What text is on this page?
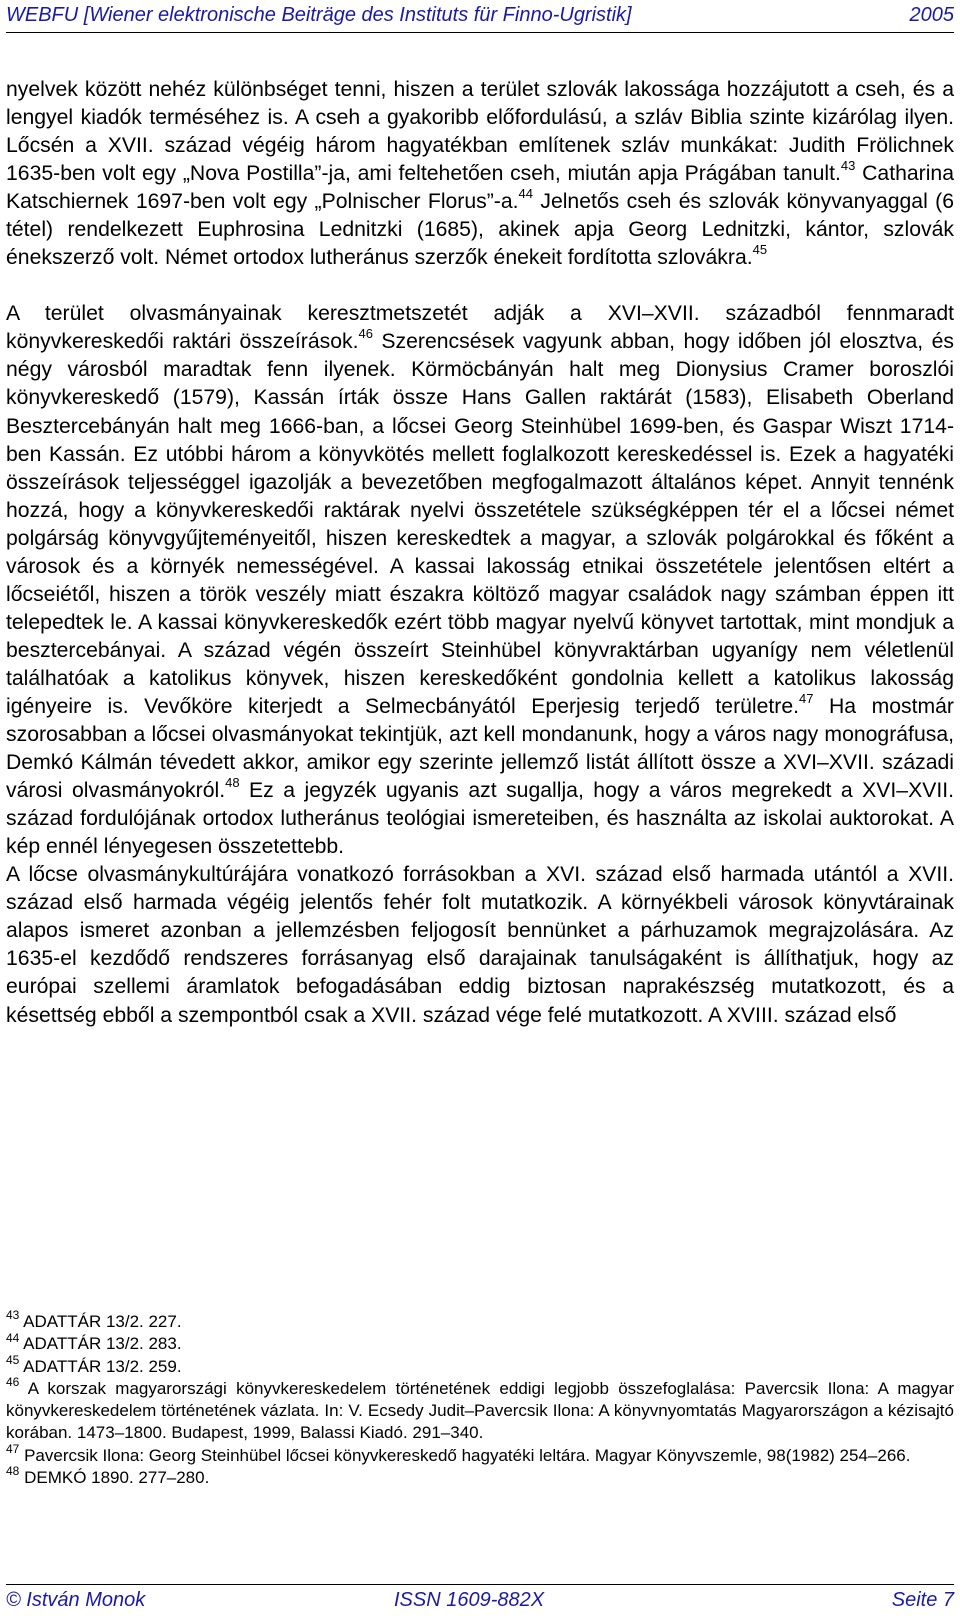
WEBFU [Wiener elektronische Beiträge des Instituts für Finno-Ugristik]	2005

nyelvek között nehéz különbséget tenni, hiszen a terület szlovák lakossága hozzájutott a cseh, és a lengyel kiadók terméséhez is. A cseh a gyakoribb előfordulású, a szláv Biblia szinte kizárólag ilyen. Lőcsén a XVII. század végéig három hagyatékban említenek szláv munkákat: Judith Frölichnek 1635-ben volt egy „Nova Postilla”-ja, ami feltehetően cseh, miután apja Prágában tanult.$^{43}$ Catharina Katschiernek 1697-ben volt egy „Polnischer Florus”-a.$^{44}$ Jelnetős cseh és szlovák könyvanyaggal (6 tétel) rendelkezett Euphrosina Lednitzki (1685), akinek apja Georg Lednitzki, kántor, szlovák énekszerző volt. Német ortodox lutheránus szerzők énekeit fordította szlovákra.$^{45}$

A terület olvasmányainak keresztmetszetét adják a XVI–XVII. századból fennmaradt könyvkereskedői raktári összeírások.$^{46}$ Szerencsések vagyunk abban, hogy időben jól elosztva, és négy városból maradtak fenn ilyenek. Körmöcbányán halt meg Dionysius Cramer boroszlói könyvkereskedő (1579), Kassán írták össze Hans Gallen raktárát (1583), Elisabeth Oberland Besztercebányán halt meg 1666-ban, a lőcsei Georg Steinhübel 1699-ben, és Gaspar Wiszt 1714-ben Kassán. Ez utóbbi három a könyvkötés mellett foglalkozott kereskedéssel is. Ezek a hagyatéki összeírások teljességgel igazolják a bevezetőben megfogalmazott általános képet. Annyit tennénk hozzá, hogy a könyvkereskedői raktárak nyelvi összetétele szükségképpen tér el a lőcsei német polgárság könyvgyűjteményeitől, hiszen kereskedtek a magyar, a szlovák polgárokkal és főként a városok és a környék nemességével. A kassai lakosság etnikai összetétele jelentősen eltért a lőcseiétől, hiszen a török veszély miatt északra költöző magyar családok nagy számban éppen itt telepedtek le. A kassai könyvkereskedők ezért több magyar nyelvű könyvet tartottak, mint mondjuk a besztercebányai. A század végén összeírt Steinhübel könyvraktárban ugyanígy nem véletlenül találhatóak a katolikus könyvek, hiszen kereskedőként gondolnia kellett a katolikus lakosság igényeire is. Vevőköre kiterjedt a Selmecbányától Eperjesig terjedő területre.$^{47}$ Ha mostmár szorosabban a lőcsei olvasmányokat tekintjük, azt kell mondanunk, hogy a város nagy monográfusa, Demkó Kálmán tévedett akkor, amikor egy szerinte jellemző listát állított össze a XVI–XVII. századi városi olvasmányokról.$^{48}$ Ez a jegyzék ugyanis azt sugallja, hogy a város megrekedt a XVI–XVII. század fordulójának ortodox lutheránus teológiai ismereteiben, és használta az iskolai auktorokat. A kép ennél lényegesen összetettebb.

A lőcse olvasmánykultúrájára vonatkozó forrásokban a XVI. század első harmada utántól a XVII. század első harmada végéig jelentős fehér folt mutatkozik. A környékbeli városok könyvtárainak alapos ismeret azonban a jellemzésben feljogosít bennünket a párhuzamok megrajzolására. Az 1635-el kezdődő rendszeres forrásanyag első darajainak tanulságaként is állíthatjuk, hogy az európai szellemi áramlatok befogadásában eddig biztosan naprakészség mutatkozott, és a késettség ebből a szempontból csak a XVII. század vége felé mutatkozott. A XVIII. század első

$^{43}$ ADATTÁR 13/2. 227.

$^{44}$ ADATTÁR 13/2. 283.

$^{45}$ ADATTÁR 13/2. 259.

$^{46}$ A korszak magyarországi könyvkereskedelem történetének eddigi legjobb összefoglalása: Pavercsik Ilona: A magyar könyvkereskedelem történetének vázlata. In: V. Ecsedy Judit–Pavercsik Ilona: A könyvnyomtatás Magyarországon a kézisajtó korában. 1473–1800. Budapest, 1999, Balassi Kiadó. 291–340.

$^{47}$ Pavercsik Ilona: Georg Steinhübel lőcsei könyvkereskedő hagyatéki leltára. Magyar Könyvszemle, 98(1982) 254–266.

$^{48}$ DEMKÓ 1890. 277–280.

© István Monok	ISSN 1609-882X	Seite 7
